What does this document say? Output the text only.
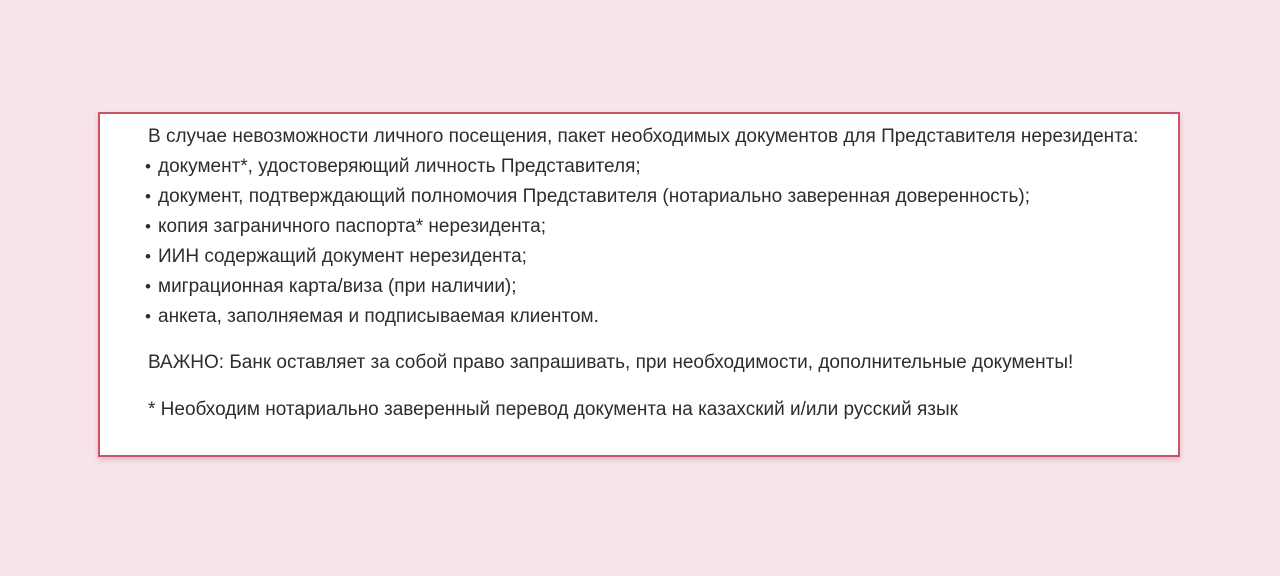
В случае невозможности личного посещения, пакет необходимых документов для Представителя нерезидента:

• документ*, удостоверяющий личность Представителя;
• документ, подтверждающий полномочия Представителя (нотариально заверенная доверенность);
• копия заграничного паспорта* нерезидента;
• ИИН содержащий документ нерезидента;
• миграционная карта/виза (при наличии);
• анкета, заполняемая и подписываемая клиентом.

ВАЖНО: Банк оставляет за собой право запрашивать, при необходимости, дополнительные документы!

* Необходим нотариально заверенный перевод документа на казахский и/или русский язык
